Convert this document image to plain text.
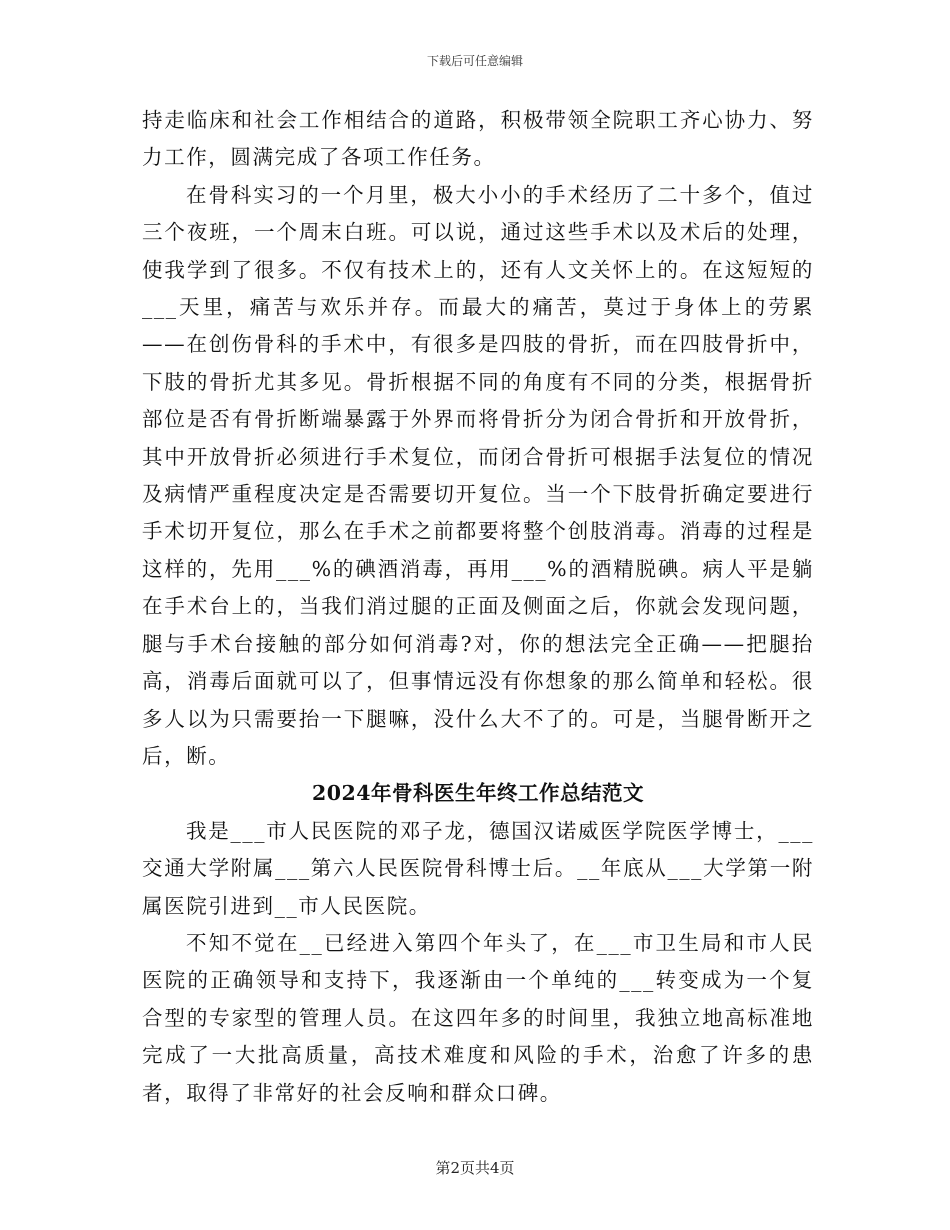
下载后可任意编辑

持走临床和社会工作相结合的道路，积极带领全院职工齐心协力、努力工作，圆满完成了各项工作任务。

在骨科实习的一个月里，极大小小的手术经历了二十多个，值过三个夜班，一个周末白班。可以说，通过这些手术以及术后的处理，使我学到了很多。不仅有技术上的，还有人文关怀上的。在这短短的___天里，痛苦与欢乐并存。而最大的痛苦，莫过于身体上的劳累——在创伤骨科的手术中，有很多是四肢的骨折，而在四肢骨折中，下肢的骨折尤其多见。骨折根据不同的角度有不同的分类，根据骨折部位是否有骨折断端暴露于外界而将骨折分为闭合骨折和开放骨折，其中开放骨折必须进行手术复位，而闭合骨折可根据手法复位的情况及病情严重程度决定是否需要切开复位。当一个下肢骨折确定要进行手术切开复位，那么在手术之前都要将整个创肢消毒。消毒的过程是这样的，先用___%的碘酒消毒，再用___%的酒精脱碘。病人平是躺在手术台上的，当我们消过腿的正面及侧面之后，你就会发现问题，腿与手术台接触的部分如何消毒?对，你的想法完全正确——把腿抬高，消毒后面就可以了，但事情远没有你想象的那么简单和轻松。很多人以为只需要抬一下腿嘛，没什么大不了的。可是，当腿骨断开之后，断。

2024年骨科医生年终工作总结范文

我是___市人民医院的邓子龙，德国汉诺威医学院医学博士，___交通大学附属___第六人民医院骨科博士后。__年底从___大学第一附属医院引进到__市人民医院。

不知不觉在__已经进入第四个年头了，在___市卫生局和市人民医院的正确领导和支持下，我逐渐由一个单纯的___转变成为一个复合型的专家型的管理人员。在这四年多的时间里，我独立地高标准地完成了一大批高质量，高技术难度和风险的手术，治愈了许多的患者，取得了非常好的社会反响和群众口碑。

第2页共4页
